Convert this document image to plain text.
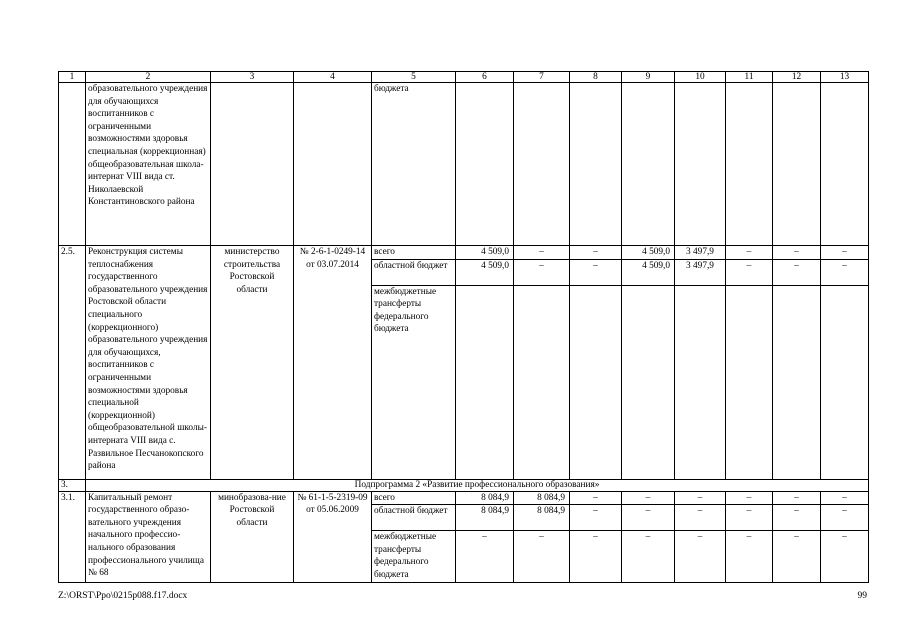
1	2	3	4	5	6	7	8	9	10	11	12	13
	образовательного учреждения для обучающихся воспитанников с ограниченными возможностями здоровья специальная (коррекционная) общеобразовательная школа-интернат VIII вида ст. Николаевской Константиновского района			бюджета								
2.5.	Реконструкция системы теплоснабжения государственного образовательного учреждения Ростовской области специального (коррекционного) образовательного учреждения для обучающихся, воспитанников с ограниченными возможностями здоровья специальной (коррекционной) общеобразовательной школы-интерната VIII вида с. Развильное Песчанокопского района	министерство строительства Ростовской области	№ 2-6-1-0249-14 от 03.07.2014	всего	4 509,0	–	–	4 509,0	3 497,9	–	–	–
				областной бюджет	4 509,0	–	–	4 509,0	3 497,9	–	–	–
				межбюджетные трансферты федерального бюджета								
3.	Подпрограмма 2 «Развитие профессионального образования»											
3.1.	Капитальный ремонт государственного образо-вательного учреждения начального профессио-нального образования профессионального училища № 68	минобразова-ние Ростовской области	№ 61-1-5-2319-09 от 05.06.2009	всего	8 084,9	8 084,9	–	–	–	–	–	–
				областной бюджет	8 084,9	8 084,9	–	–	–	–	–	–
				межбюджетные трансферты федерального бюджета	–	–	–	–	–	–	–	–
Z:\ORST\Ppo\0215p088.f17.docx	99
